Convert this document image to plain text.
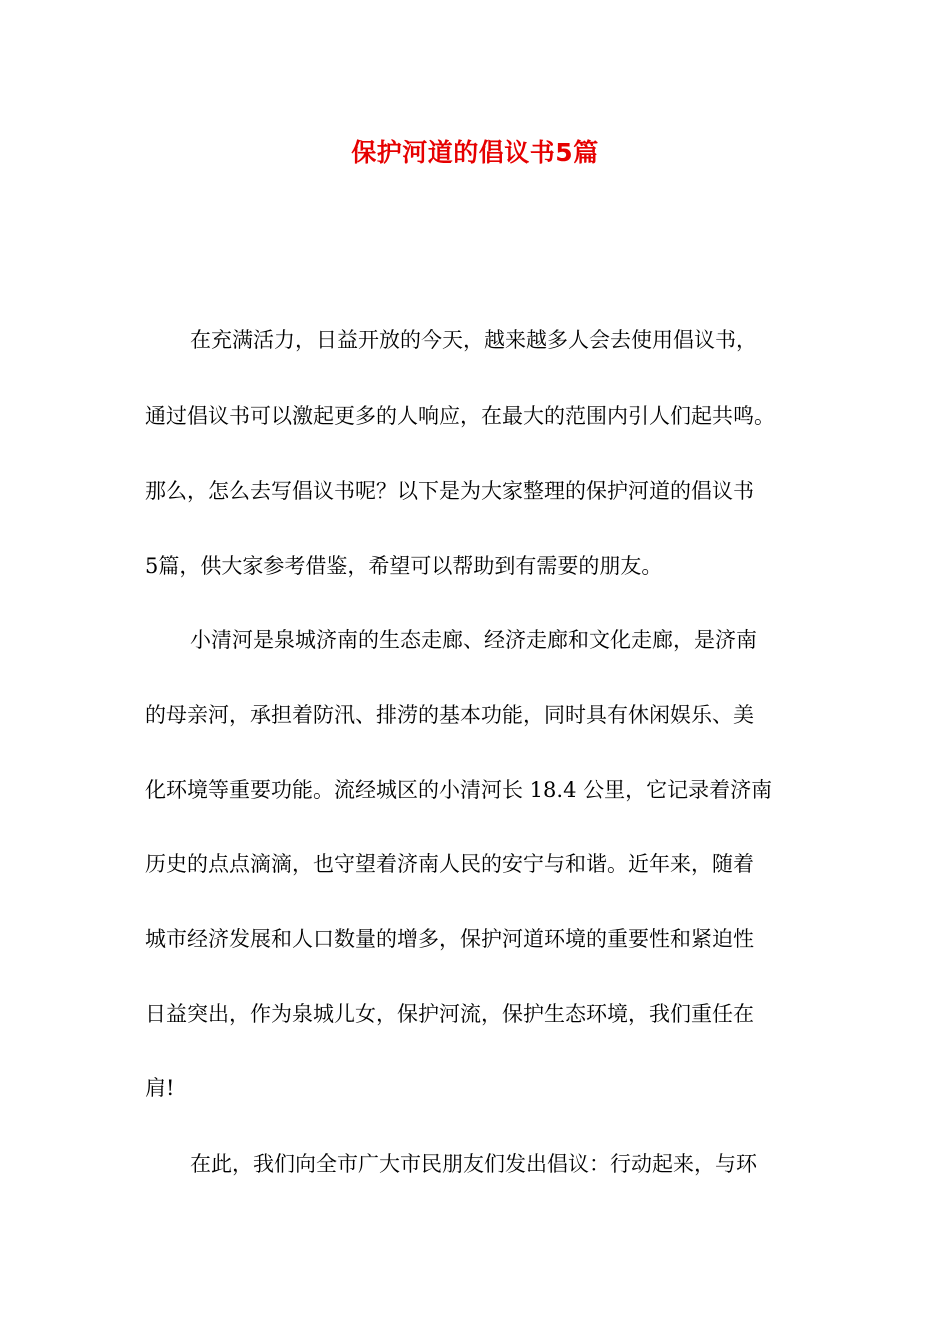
保护河道的倡议书5篇

在充满活力，日益开放的今天，越来越多人会去使用倡议书，

通过倡议书可以激起更多的人响应，在最大的范围内引人们起共鸣。

那么，怎么去写倡议书呢？以下是为大家整理的保护河道的倡议书

5篇，供大家参考借鉴，希望可以帮助到有需要的朋友。

小清河是泉城济南的生态走廊、经济走廊和文化走廊，是济南

的母亲河，承担着防汛、排涝的基本功能，同时具有休闲娱乐、美

化环境等重要功能。流经城区的小清河长 18.4 公里，它记录着济南

历史的点点滴滴，也守望着济南人民的安宁与和谐。近年来，随着

城市经济发展和人口数量的增多，保护河道环境的重要性和紧迫性

日益突出，作为泉城儿女，保护河流，保护生态环境，我们重任在

肩!

在此，我们向全市广大市民朋友们发出倡议：行动起来，与环
